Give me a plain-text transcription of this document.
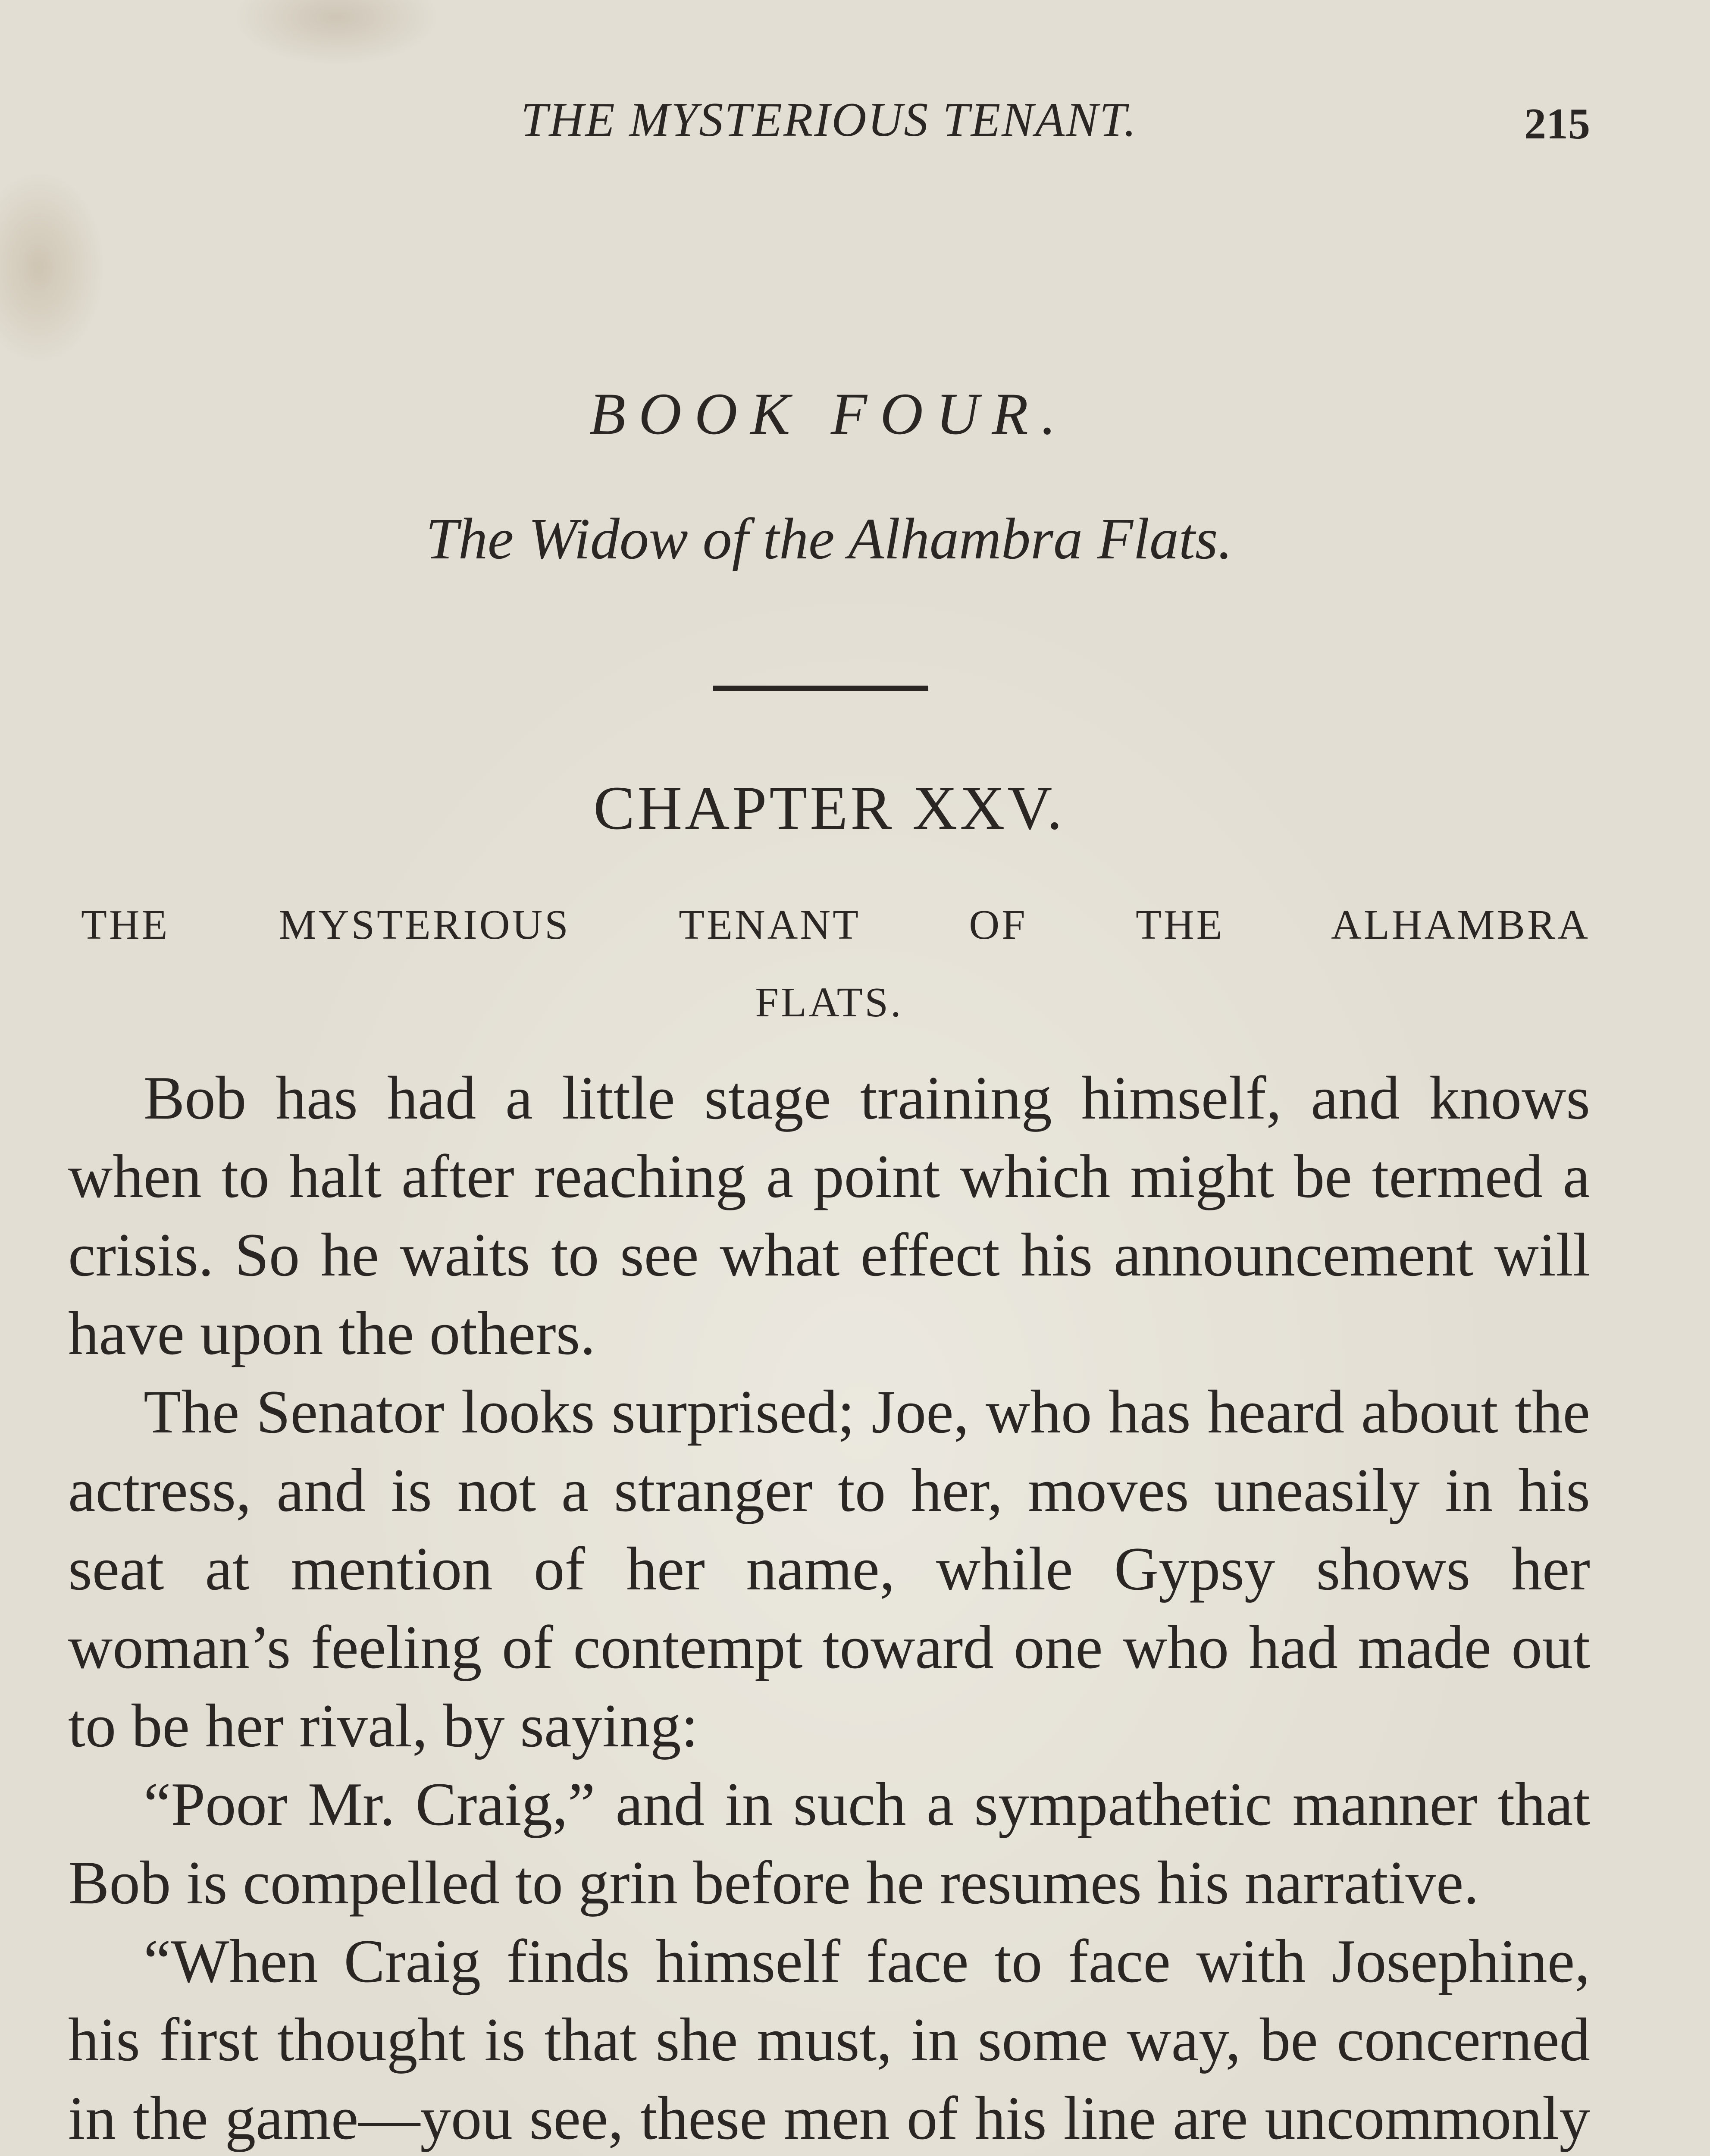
THE MYSTERIOUS TENANT.	215
BOOK FOUR.
The Widow of the Alhambra Flats.
CHAPTER XXV.
THE MYSTERIOUS TENANT OF THE ALHAMBRA
FLATS.

Bob has had a little stage training himself, and knows when to halt after reaching a point which might be termed a crisis. So he waits to see what effect his announcement will have upon the others.

The Senator looks surprised; Joe, who has heard about the actress, and is not a stranger to her, moves uneasily in his seat at mention of her name, while Gypsy shows her woman’s feeling of contempt toward one who had made out to be her rival, by saying:

“Poor Mr. Craig,” and in such a sympathetic manner that Bob is compelled to grin before he resumes his narrative.

“When Craig finds himself face to face with Josephine, his first thought is that she must, in some way, be concerned in the game—you see, these men of his line are uncommonly
